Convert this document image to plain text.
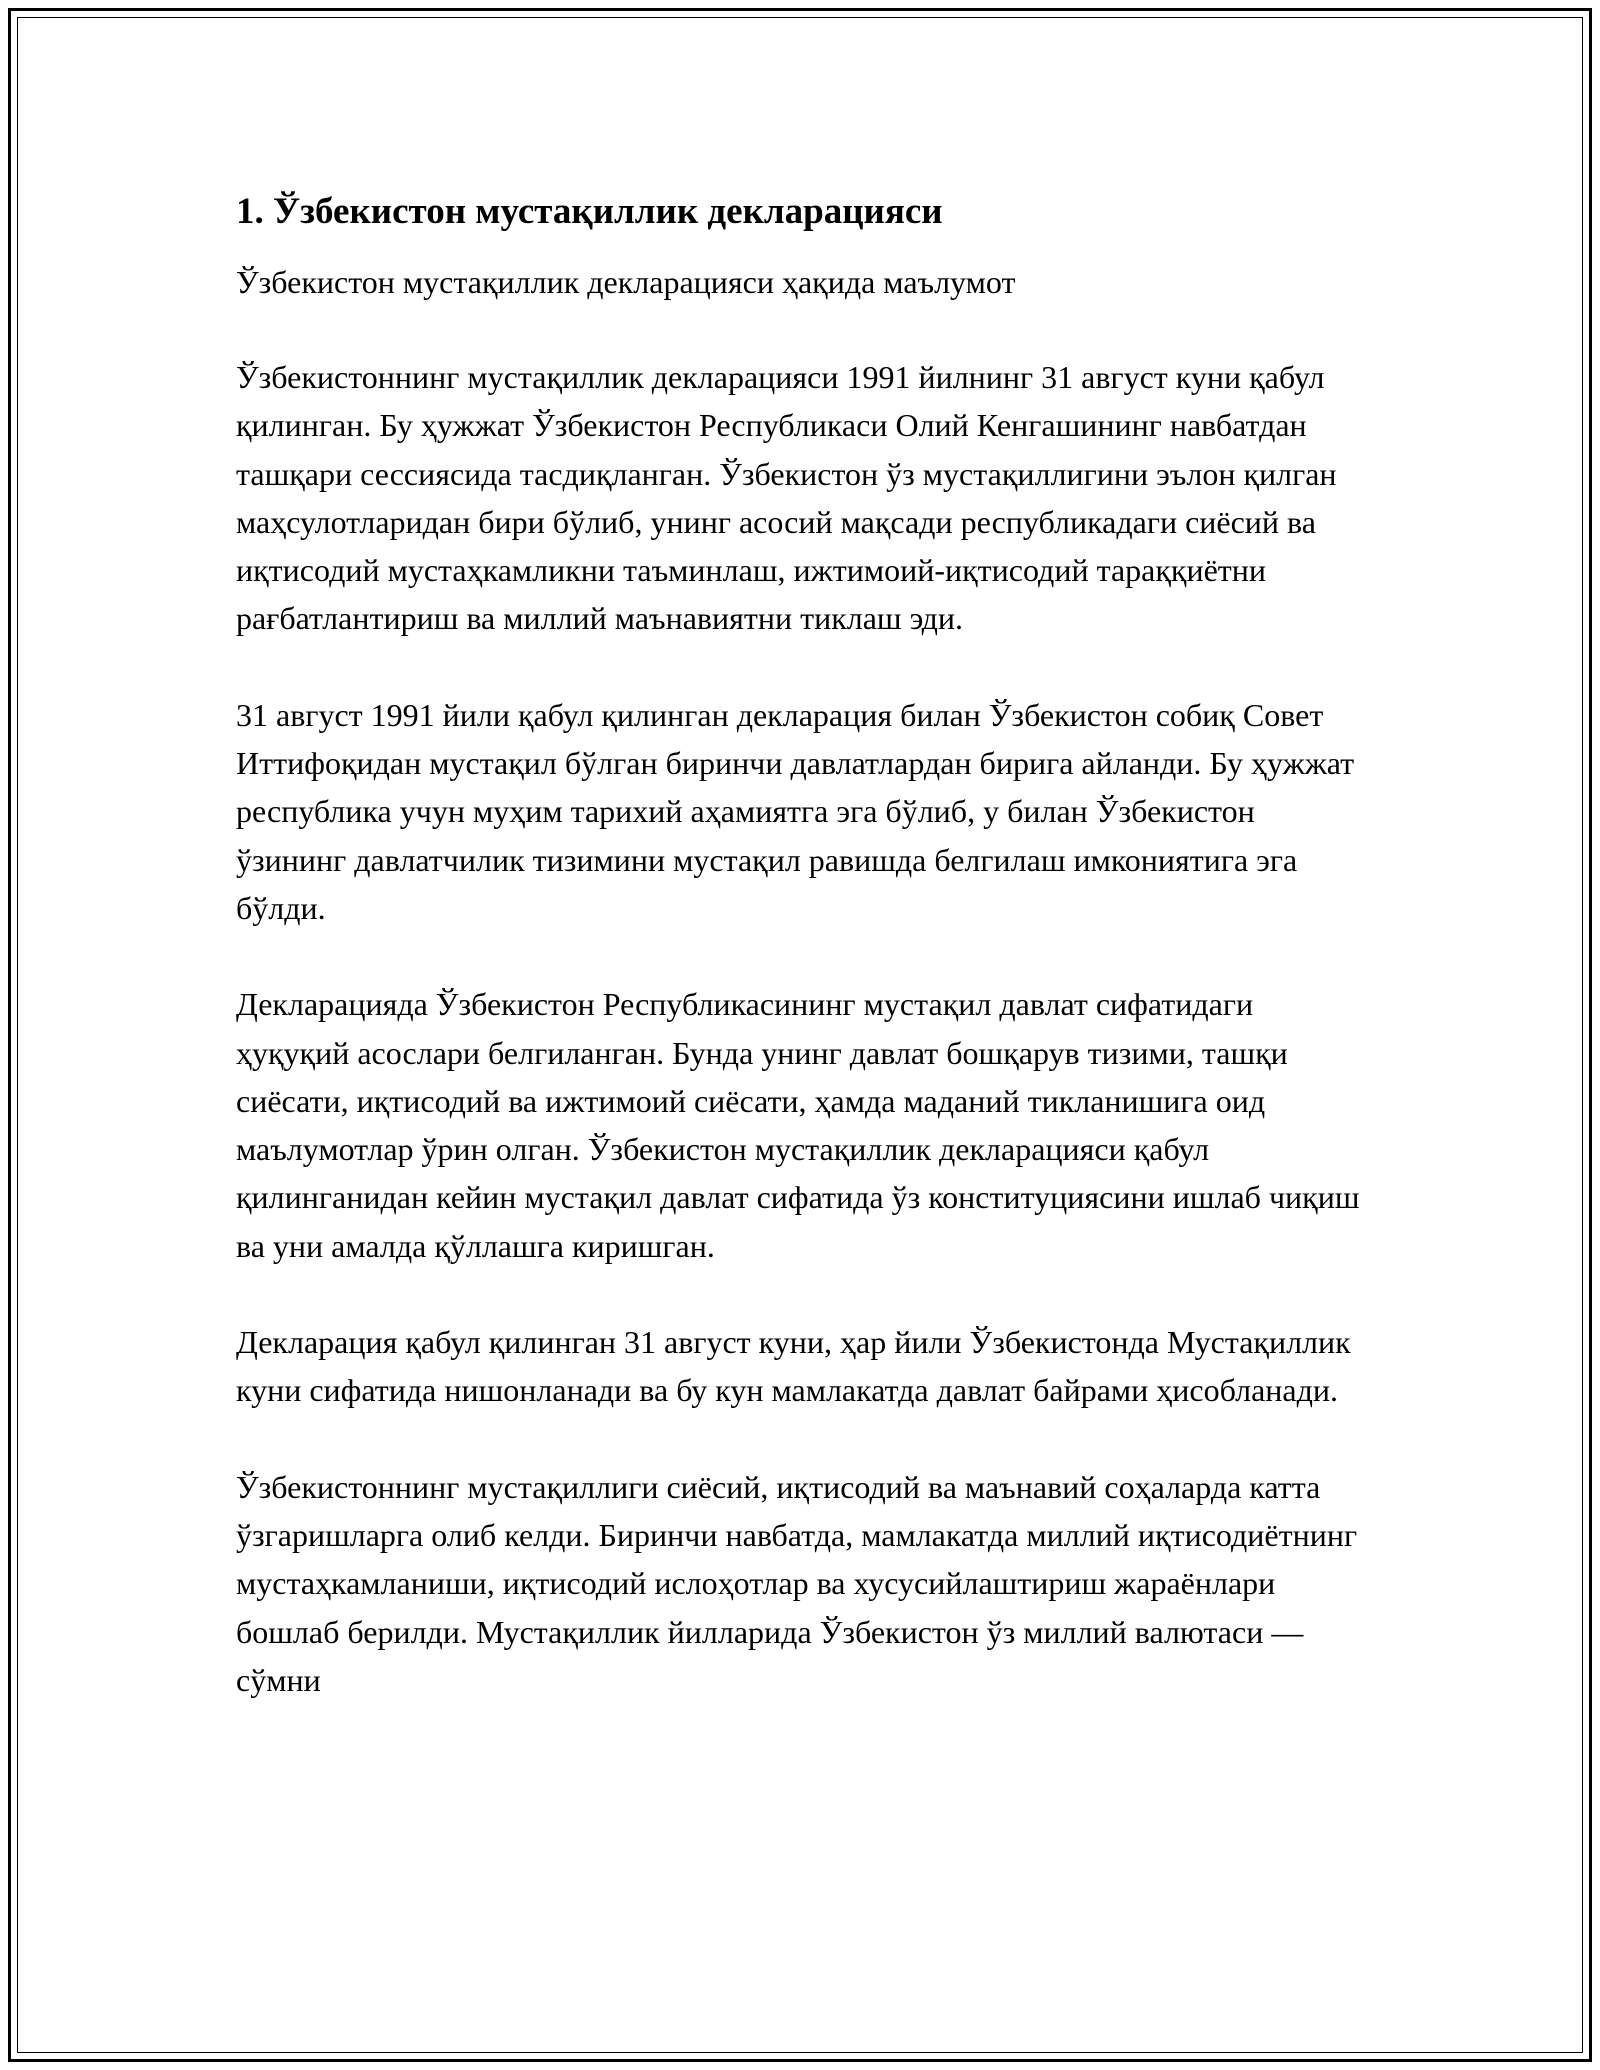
1. Ўзбекистон мустақиллик декларацияси

Ўзбекистон мустақиллик декларацияси ҳақида маълумот

Ўзбекистоннинг мустақиллик декларацияси 1991 йилнинг 31 август куни қабул қилинган. Бу ҳужжат Ўзбекистон Республикаси Олий Кенгашининг навбатдан ташқари сессиясида тасдиқланган. Ўзбекистон ўз мустақиллигини эълон қилган маҳсулотларидан бири бўлиб, унинг асосий мақсади республикадаги сиёсий ва иқтисодий мустаҳкамликни таъминлаш, ижтимоий-иқтисодий тараққиётни рағбатлантириш ва миллий маънавиятни тиклаш эди.

31 август 1991 йили қабул қилинган декларация билан Ўзбекистон собиқ Совет Иттифоқидан мустақил бўлган биринчи давлатлардан бирига айланди. Бу ҳужжат республика учун муҳим тарихий аҳамиятга эга бўлиб, у билан Ўзбекистон ўзининг давлатчилик тизимини мустақил равишда белгилаш имкониятига эга бўлди.

Декларацияда Ўзбекистон Республикасининг мустақил давлат сифатидаги ҳуқуқий асослари белгиланган. Бунда унинг давлат бошқарув тизими, ташқи сиёсати, иқтисодий ва ижтимоий сиёсати, ҳамда маданий тикланишига оид маълумотлар ўрин олган. Ўзбекистон мустақиллик декларацияси қабул қилинганидан кейин мустақил давлат сифатида ўз конституциясини ишлаб чиқиш ва уни амалда қўллашга киришган.

Декларация қабул қилинган 31 август куни, ҳар йили Ўзбекистонда Мустақиллик куни сифатида нишонланади ва бу кун мамлакатда давлат байрами ҳисобланади.

Ўзбекистоннинг мустақиллиги сиёсий, иқтисодий ва маънавий соҳаларда катта ўзгаришларга олиб келди. Биринчи навбатда, мамлакатда миллий иқтисодиётнинг мустаҳкамланиши, иқтисодий ислоҳотлар ва хусусийлаштириш жараёнлари бошлаб берилди. Мустақиллик йилларида Ўзбекистон ўз миллий валютаси — сўмни
